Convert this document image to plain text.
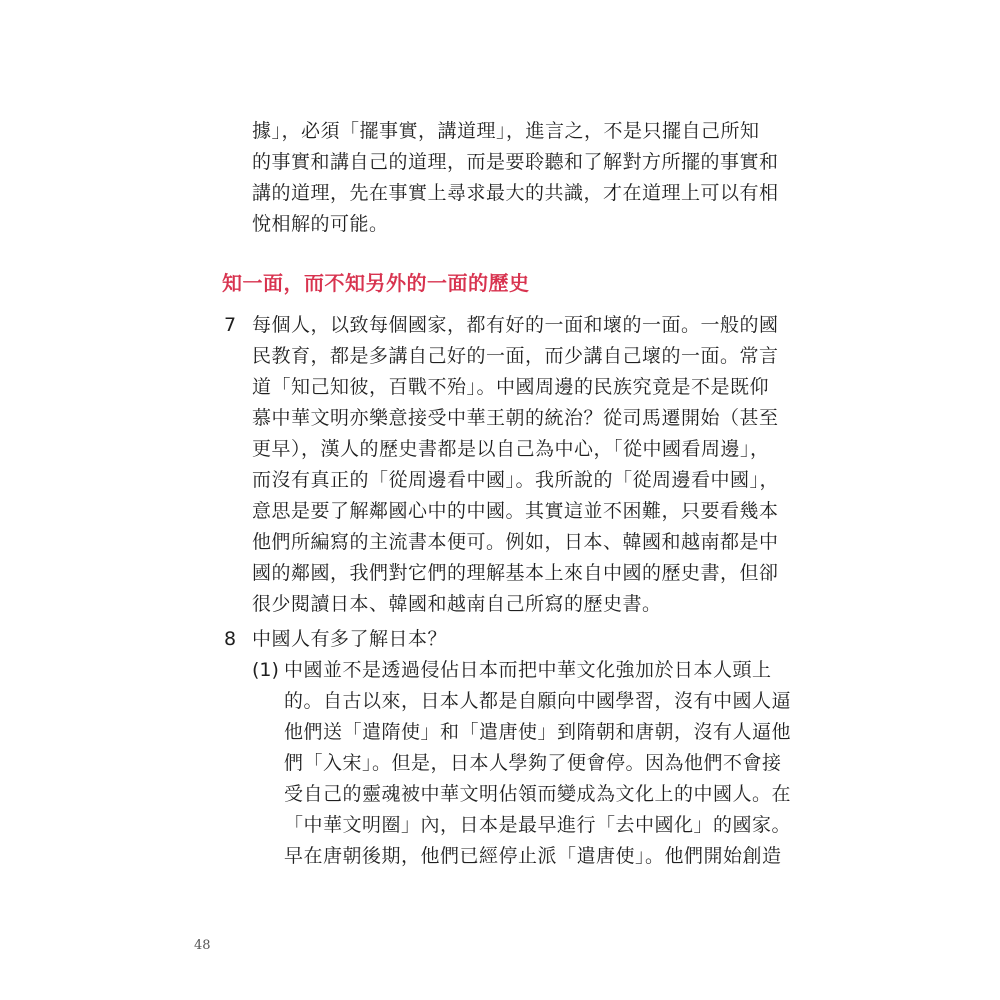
據」，必須「擺事實，講道理」，進言之，不是只擺自己所知
的事實和講自己的道理，而是要聆聽和了解對方所擺的事實和
講的道理，先在事實上尋求最大的共識，才在道理上可以有相
悅相解的可能。
知一面，而不知另外的一面的歷史
7 每個人，以致每個國家，都有好的一面和壞的一面。一般的國
民教育，都是多講自己好的一面，而少講自己壞的一面。常言
道「知己知彼，百戰不殆」。中國周邊的民族究竟是不是既仰
慕中華文明亦樂意接受中華王朝的統治？從司馬遷開始（甚至
更早），漢人的歷史書都是以自己為中心，「從中國看周邊」，
而沒有真正的「從周邊看中國」。我所說的「從周邊看中國」，
意思是要了解鄰國心中的中國。其實這並不困難，只要看幾本
他們所編寫的主流書本便可。例如，日本、韓國和越南都是中
國的鄰國，我們對它們的理解基本上來自中國的歷史書，但卻
很少閱讀日本、韓國和越南自己所寫的歷史書。
8 中國人有多了解日本？
(1) 中國並不是透過侵佔日本而把中華文化強加於日本人頭上
的。自古以來，日本人都是自願向中國學習，沒有中國人逼
他們送「遣隋使」和「遣唐使」到隋朝和唐朝，沒有人逼他
們「入宋」。但是，日本人學夠了便會停。因為他們不會接
受自己的靈魂被中華文明佔領而變成為文化上的中國人。在
「中華文明圈」內，日本是最早進行「去中國化」的國家。
早在唐朝後期，他們已經停止派「遣唐使」。他們開始創造
48
